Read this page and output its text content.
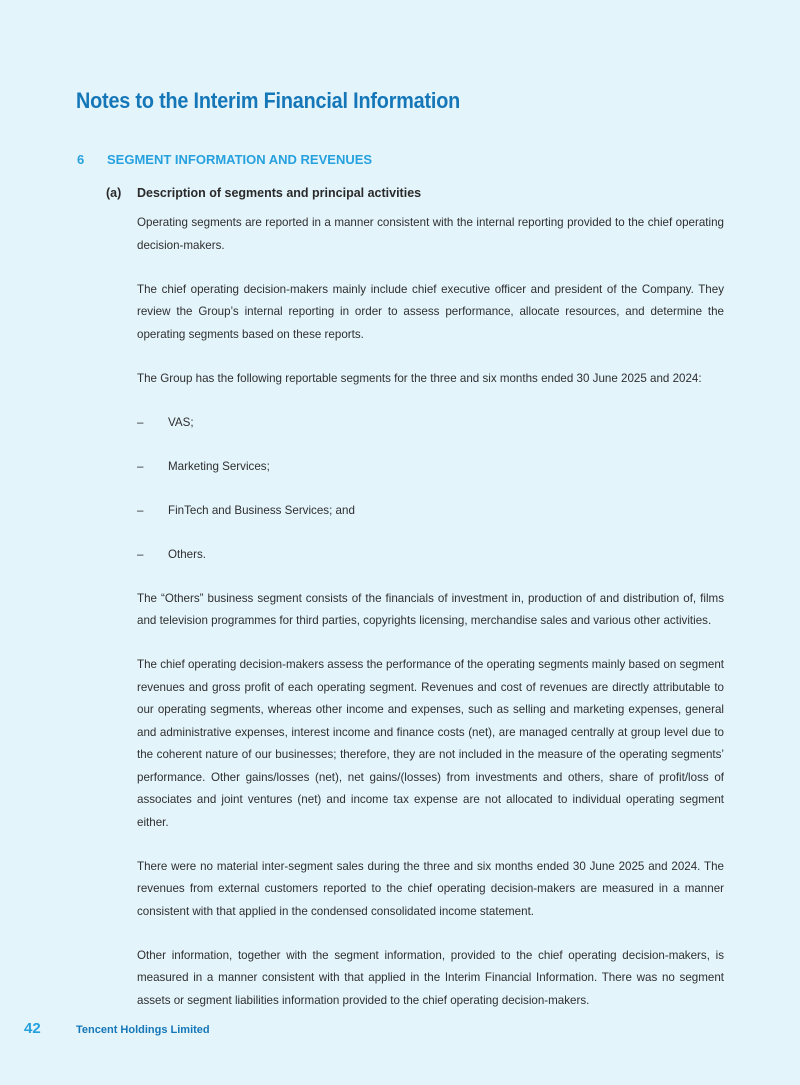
Notes to the Interim Financial Information
6 SEGMENT INFORMATION AND REVENUES
(a) Description of segments and principal activities

Operating segments are reported in a manner consistent with the internal reporting provided to the chief operating decision-makers.

The chief operating decision-makers mainly include chief executive officer and president of the Company. They review the Group’s internal reporting in order to assess performance, allocate resources, and determine the operating segments based on these reports.

The Group has the following reportable segments for the three and six months ended 30 June 2025 and 2024:

– VAS;
– Marketing Services;
– FinTech and Business Services; and
– Others.

The “Others” business segment consists of the financials of investment in, production of and distribution of, films and television programmes for third parties, copyrights licensing, merchandise sales and various other activities.

The chief operating decision-makers assess the performance of the operating segments mainly based on segment revenues and gross profit of each operating segment. Revenues and cost of revenues are directly attributable to our operating segments, whereas other income and expenses, such as selling and marketing expenses, general and administrative expenses, interest income and finance costs (net), are managed centrally at group level due to the coherent nature of our businesses; therefore, they are not included in the measure of the operating segments’ performance. Other gains/losses (net), net gains/(losses) from investments and others, share of profit/loss of associates and joint ventures (net) and income tax expense are not allocated to individual operating segment either.

There were no material inter-segment sales during the three and six months ended 30 June 2025 and 2024. The revenues from external customers reported to the chief operating decision-makers are measured in a manner consistent with that applied in the condensed consolidated income statement.

Other information, together with the segment information, provided to the chief operating decision-makers, is measured in a manner consistent with that applied in the Interim Financial Information. There was no segment assets or segment liabilities information provided to the chief operating decision-makers.

42	Tencent Holdings Limited
